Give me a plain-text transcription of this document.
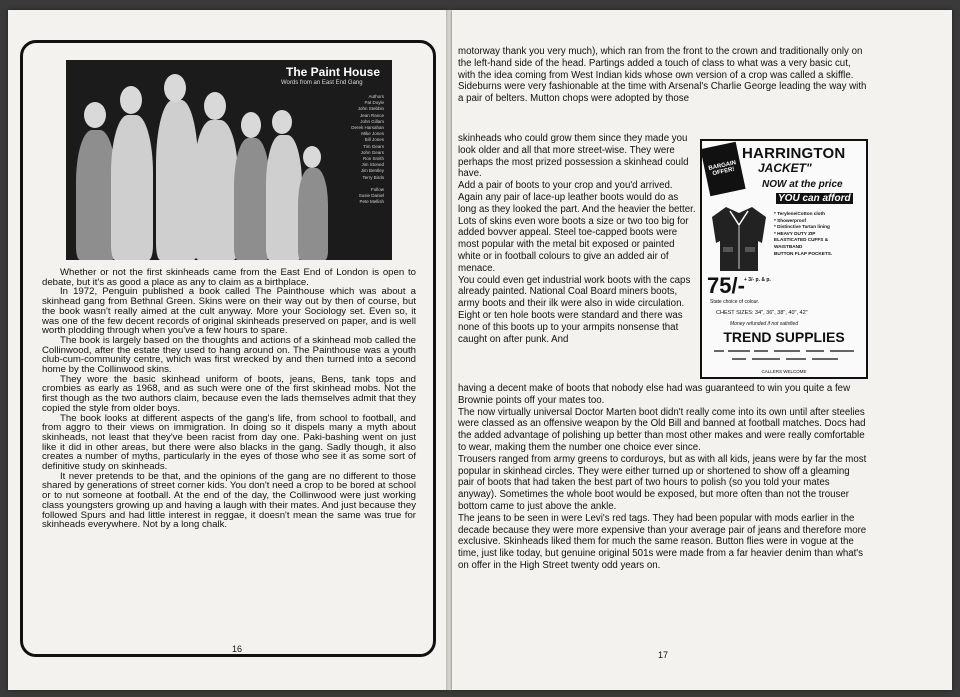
The Paint House
Words from an East End Gang
Authors
Pat Doyle
John Stebbin
Jean Rance
John Gillam
Derek Harsahan
Mike Jones
Bill Jones
Tim Gears
John Gears
Ron Smith
Jim Stoned
Jim Bentley
Terry Birds

Follow
Susie Daniel
Pete Mellish

Whether or not the first skinheads came from the East End of London is open to debate, but it's as good a place as any to claim as a birthplace.

In 1972, Penguin published a book called The Painthouse which was about a skinhead gang from Bethnal Green. Skins were on their way out by then of course, but the book wasn't really aimed at the cult anyway. More your Sociology set. Even so, it was one of the few decent records of original skinheads preserved on paper, and is well worth plodding through when you've a few hours to spare.

The book is largely based on the thoughts and actions of a skinhead mob called the Collinwood, after the estate they used to hang around on. The Painthouse was a youth club-cum-community centre, which was first wrecked by and then turned into a second home by the Collinwood skins.

They wore the basic skinhead uniform of boots, jeans, Bens, tank tops and crombies as early as 1968, and as such were one of the first skinhead mobs. Not the first though as the two authors claim, because even the lads themselves admit that they copied the style from older boys.

The book looks at different aspects of the gang's life, from school to football, and from aggro to their views on immigration. In doing so it dispels many a myth about skinheads, not least that they've been racist from day one. Paki-bashing went on just like it did in other areas, but there were also blacks in the gang. Sadly though, it also creates a number of myths, particularly in the eyes of those who see it as some sort of definitive study on skinheads.

It never pretends to be that, and the opinions of the gang are no different to those shared by generations of street corner kids. You don't need a crop to be bored at school or to nut someone at football. At the end of the day, the Collinwood were just working class youngsters growing up and having a laugh with their mates. And just because they followed Spurs and had little interest in reggae, it doesn't mean the same was true for skinheads everywhere. Not by a long chalk.

16

motorway thank you very much), which ran from the front to the crown and traditionally only on the left-hand side of the head. Partings added a touch of class to what was a very basic cut, with the idea coming from West Indian kids whose own version of a crop was called a skiffle.

Sideburns were very fashionable at the time with Arsenal's Charlie George leading the way with a pair of belters. Mutton chops were adopted by those

skinheads who could grow them since they made you look older and all that more street-wise. They were perhaps the most prized possession a skinhead could have.

Add a pair of boots to your crop and you'd arrived. Again any pair of lace-up leather boots would do as long as they looked the part. And the heavier the better. Lots of skins even wore boots a size or two too big for added bovver appeal. Steel toe-capped boots were most popular with the metal bit exposed or painted white or in football colours to give an added air of menace.

You could even get industrial work boots with the caps already painted. National Coal Board miners boots, army boots and their ilk were also in wide circulation. Eight or ten hole boots were standard and there was none of this boots up to your armpits nonsense that caught on after punk. And

BARGAIN OFFER!
HARRINGTON
JACKET"
NOW at the price
YOU can afford
* Terylene/Cotton cloth
* Showerproof
* Distinctive Tartan lining
* HEAVY DUTY ZIP
ELASTICATED CUFFS &
WAISTBAND
BUTTON FLAP POCKETS.
75/- + 3/- p. & p.
State choice of colour.
CHEST SIZES: 34", 36", 38", 40", 42"
Money refunded if not satisfied
TREND SUPPLIES
CALLERS WELCOME

having a decent make of boots that nobody else had was guaranteed to win you quite a few Brownie points off your mates too.

The now virtually universal Doctor Marten boot didn't really come into its own until after steelies were classed as an offensive weapon by the Old Bill and banned at football matches. Docs had the added advantage of polishing up better than most other makes and were really comfortable to wear, making them the number one choice ever since.

Trousers ranged from army greens to corduroys, but as with all kids, jeans were by far the most popular in skinhead circles. They were either turned up or shortened to show off a gleaming pair of boots that had taken the best part of two hours to polish (so you told your mates anyway). Sometimes the whole boot would be exposed, but more often than not the trouser bottom came to just above the ankle.

The jeans to be seen in were Levi's red tags. They had been popular with mods earlier in the decade because they were more expensive than your average pair of jeans and therefore more exclusive. Skinheads liked them for much the same reason. Button flies were in vogue at the time, just like today, but genuine original 501s were made from a far heavier denim than what's on offer in the High Street twenty odd years on.

17
